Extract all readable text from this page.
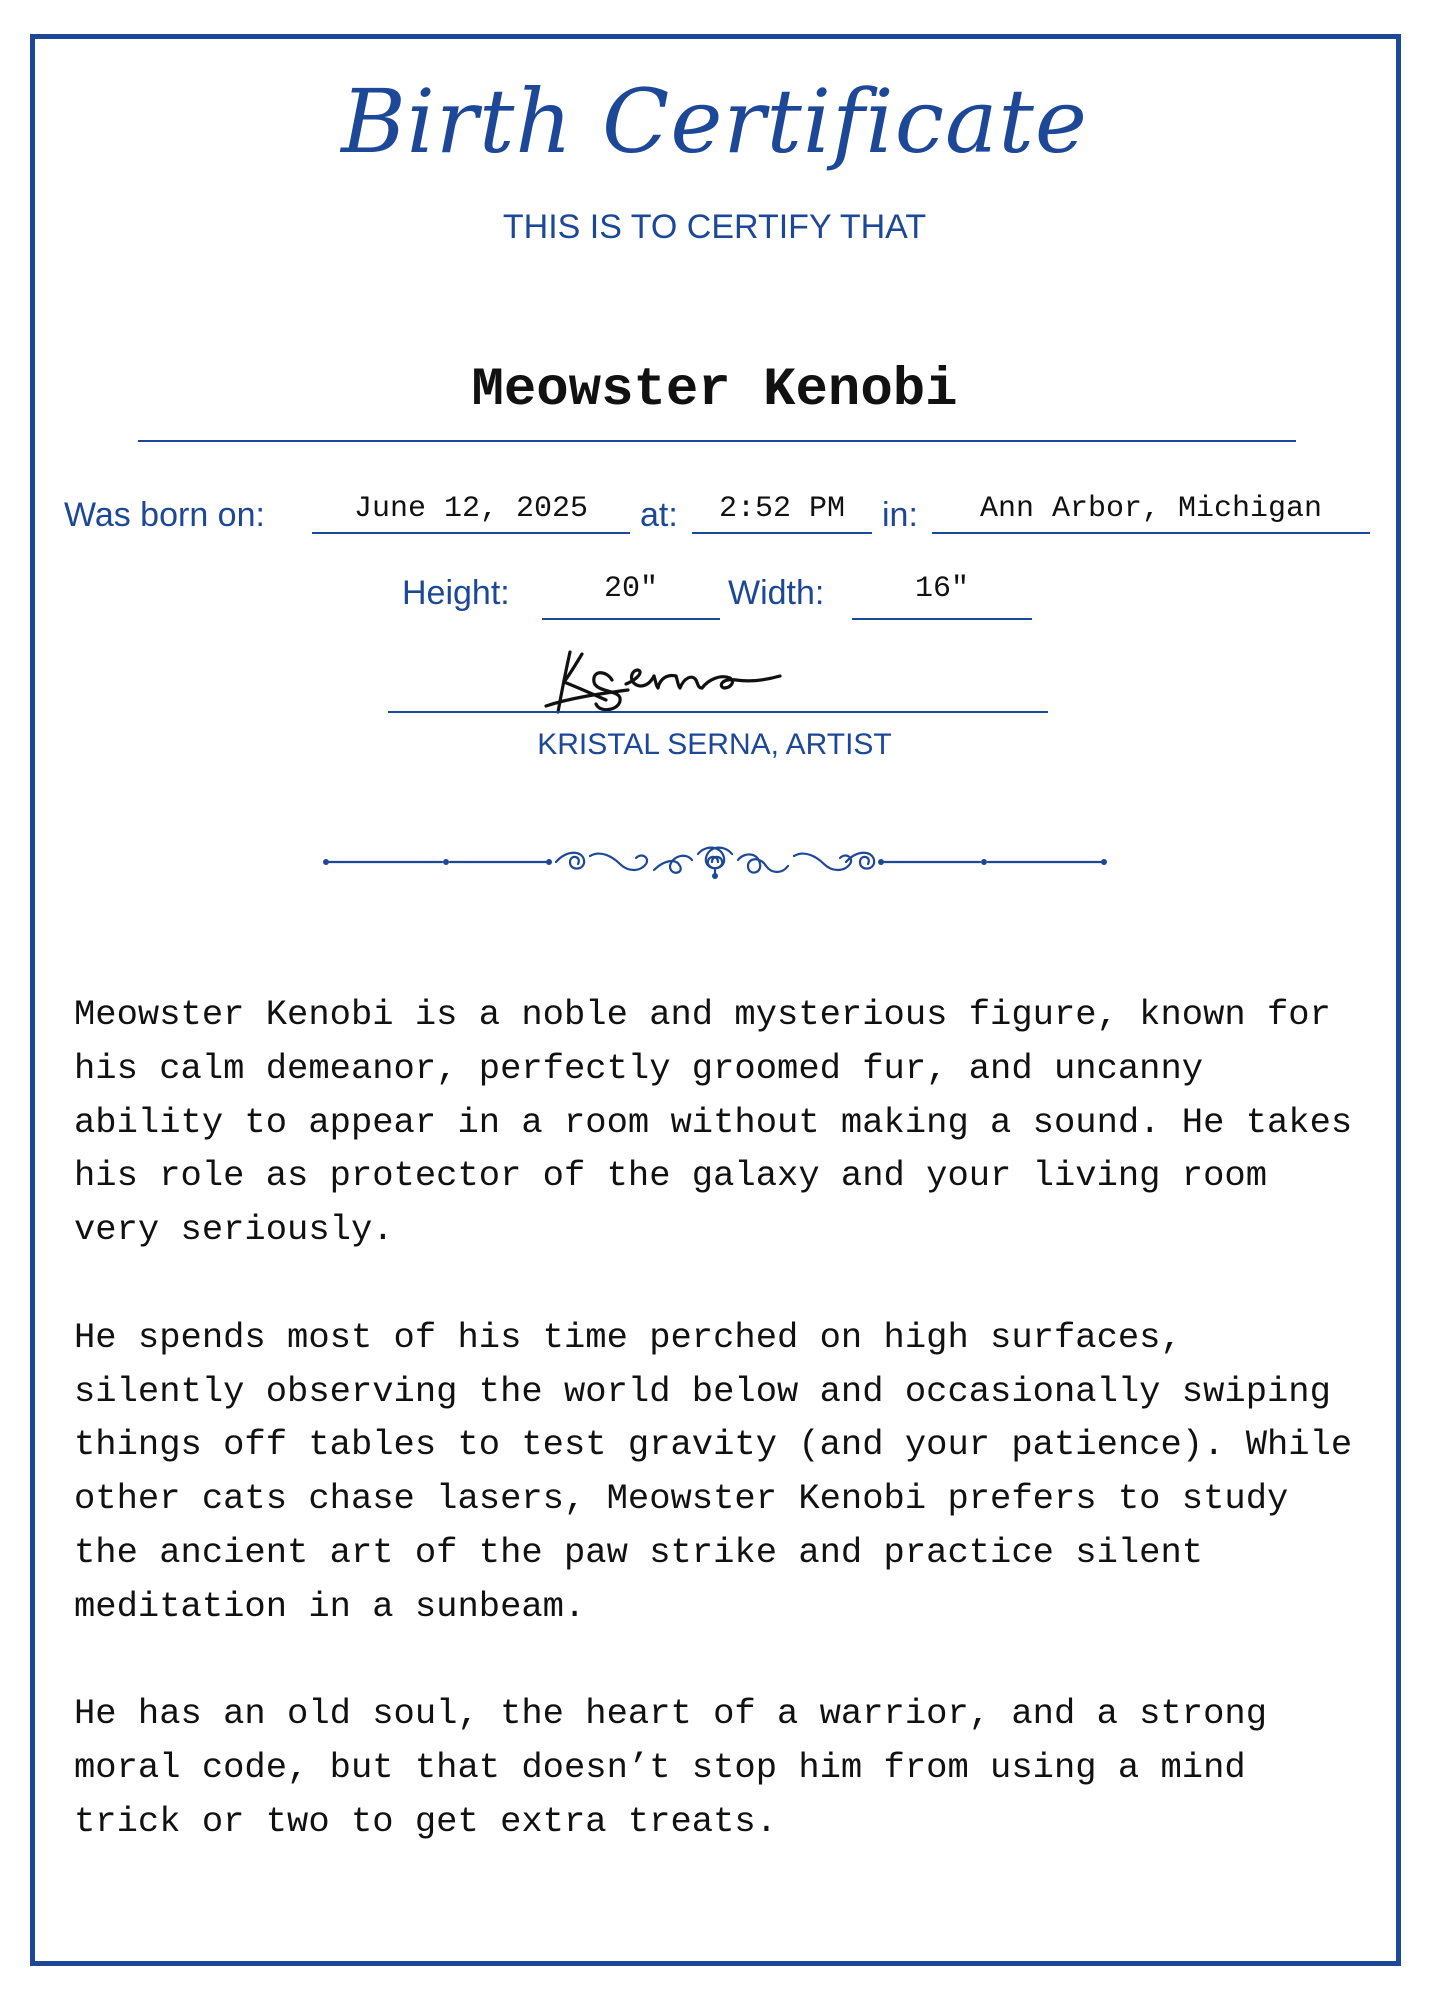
Birth Certificate
THIS IS TO CERTIFY THAT
Meowster Kenobi
Was born on:	June 12, 2025	at:	2:52 PM	in:	Ann Arbor, Michigan
Height:	20"	Width:	16"
KRISTAL SERNA, ARTIST

Meowster Kenobi is a noble and mysterious figure, known for his calm demeanor, perfectly groomed fur, and uncanny ability to appear in a room without making a sound. He takes his role as protector of the galaxy and your living room very seriously.

He spends most of his time perched on high surfaces, silently observing the world below and occasionally swiping things off tables to test gravity (and your patience). While other cats chase lasers, Meowster Kenobi prefers to study the ancient art of the paw strike and practice silent meditation in a sunbeam.

He has an old soul, the heart of a warrior, and a strong moral code, but that doesn’t stop him from using a mind trick or two to get extra treats.
